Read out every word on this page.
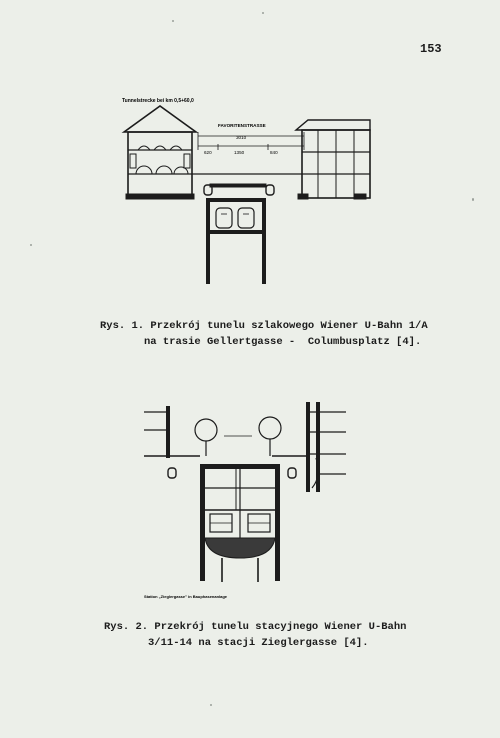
153
Tunnelstrecke bei km 0,5+60,0
FAVORITENSTRASSE
3010
620	1350	840
Rys. 1. Przekrój tunelu szlakowego Wiener U-Bahn 1/A
na trasie Gellertgasse -  Columbusplatz [4].
Station „Zieglergasse" in Bauphasenanlage
Rys. 2. Przekrój tunelu stacyjnego Wiener U-Bahn
3/11-14 na stacji Zieglergasse [4].
